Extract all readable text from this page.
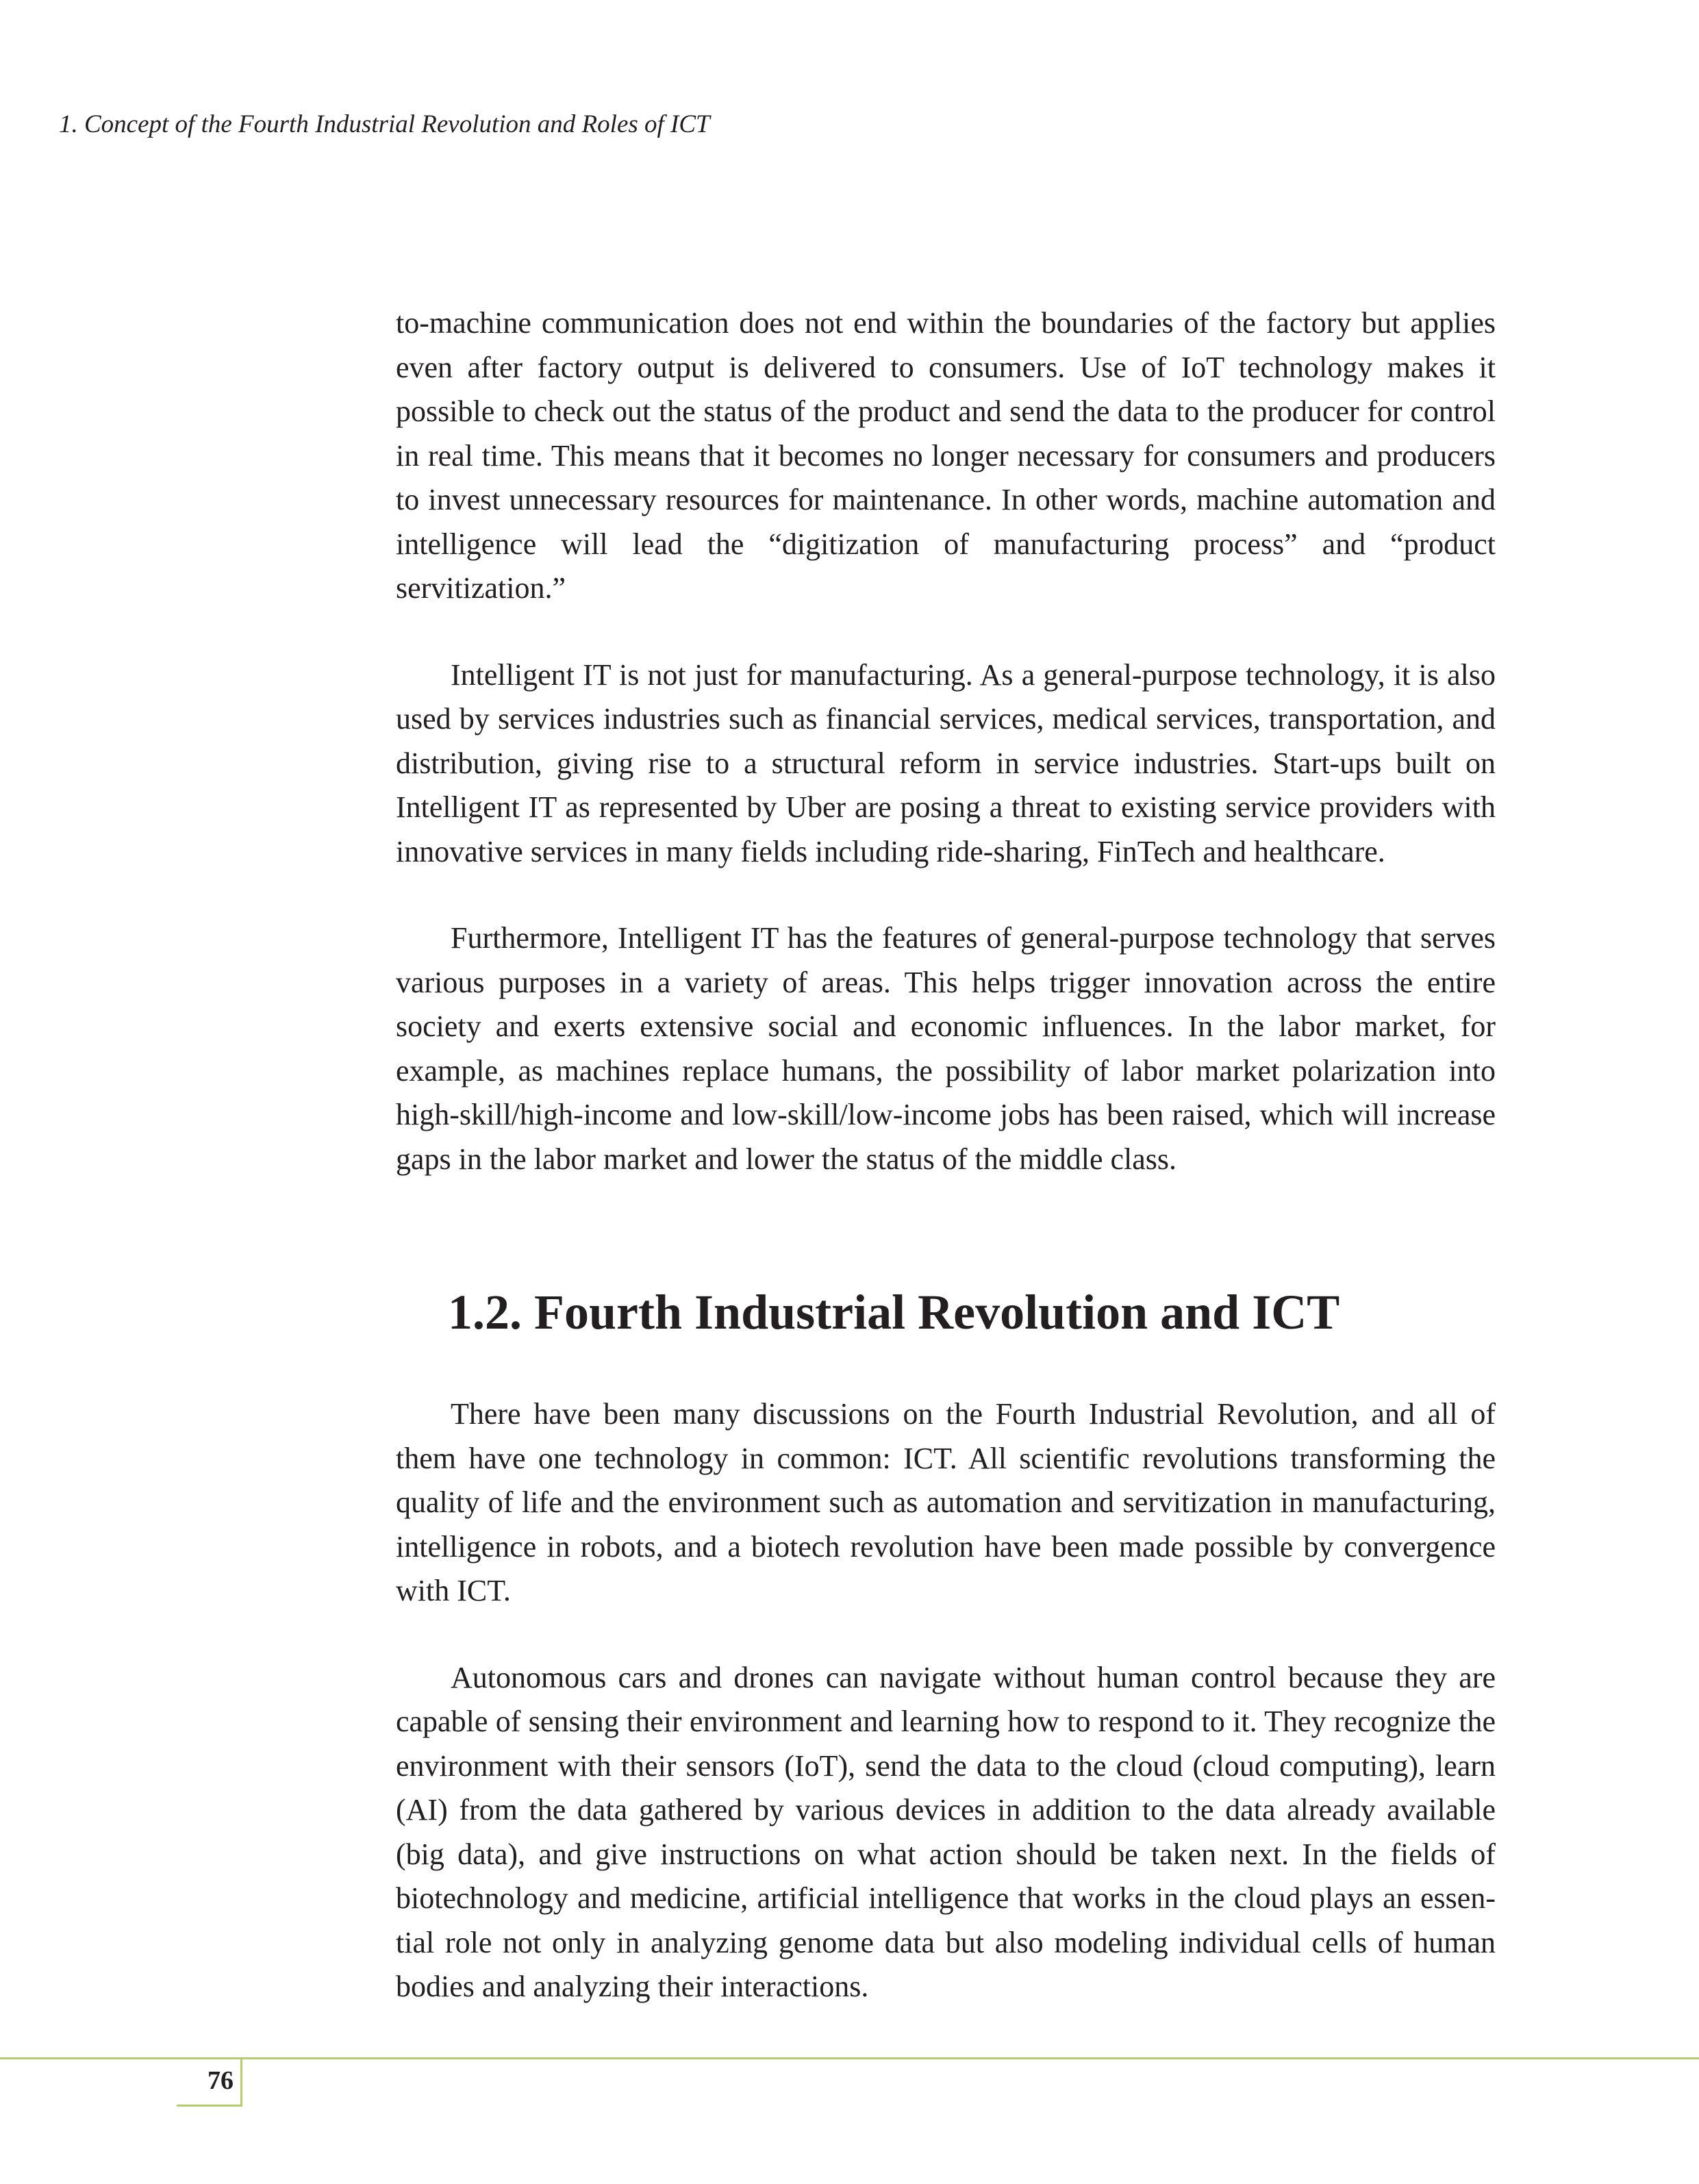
1. Concept of the Fourth Industrial Revolution and Roles of ICT

to-machine communication does not end within the boundaries of the factory but applies even after factory output is delivered to consumers. Use of IoT technology makes it possible to check out the status of the product and send the data to the producer for control in real time. This means that it becomes no longer necessary for consumers and producers to invest unnecessary resources for maintenance. In other words, machine automation and intelligence will lead the “digitization of manufacturing process” and “product servitization.”

Intelligent IT is not just for manufacturing. As a general-purpose technology, it is also used by services industries such as financial services, medical services, transportation, and distribution, giving rise to a structural reform in service industries. Start-ups built on Intelligent IT as represented by Uber are posing a threat to existing service providers with innovative services in many fields including ride-sharing, FinTech and healthcare.

Furthermore, Intelligent IT has the features of general-purpose technology that serves various purposes in a variety of areas. This helps trigger innovation across the entire society and exerts extensive social and economic influences. In the labor market, for example, as machines replace humans, the possibility of labor market polarization into high-skill/high-income and low-skill/low-income jobs has been raised, which will increase gaps in the labor market and lower the status of the middle class.

1.2. Fourth Industrial Revolution and ICT

There have been many discussions on the Fourth Industrial Revolution, and all of them have one technology in common: ICT. All scientific revolutions transforming the quality of life and the environment such as automation and servitization in manufacturing, intelligence in robots, and a biotech revolution have been made possible by convergence with ICT.

Autonomous cars and drones can navigate without human control because they are capable of sensing their environment and learning how to respond to it. They recognize the environment with their sensors (IoT), send the data to the cloud (cloud computing), learn (AI) from the data gathered by various devices in addition to the data already available (big data), and give instructions on what action should be taken next. In the fields of biotechnology and medicine, artificial intelligence that works in the cloud plays an essential role not only in analyzing genome data but also modeling individual cells of human bodies and analyzing their interactions.

76
